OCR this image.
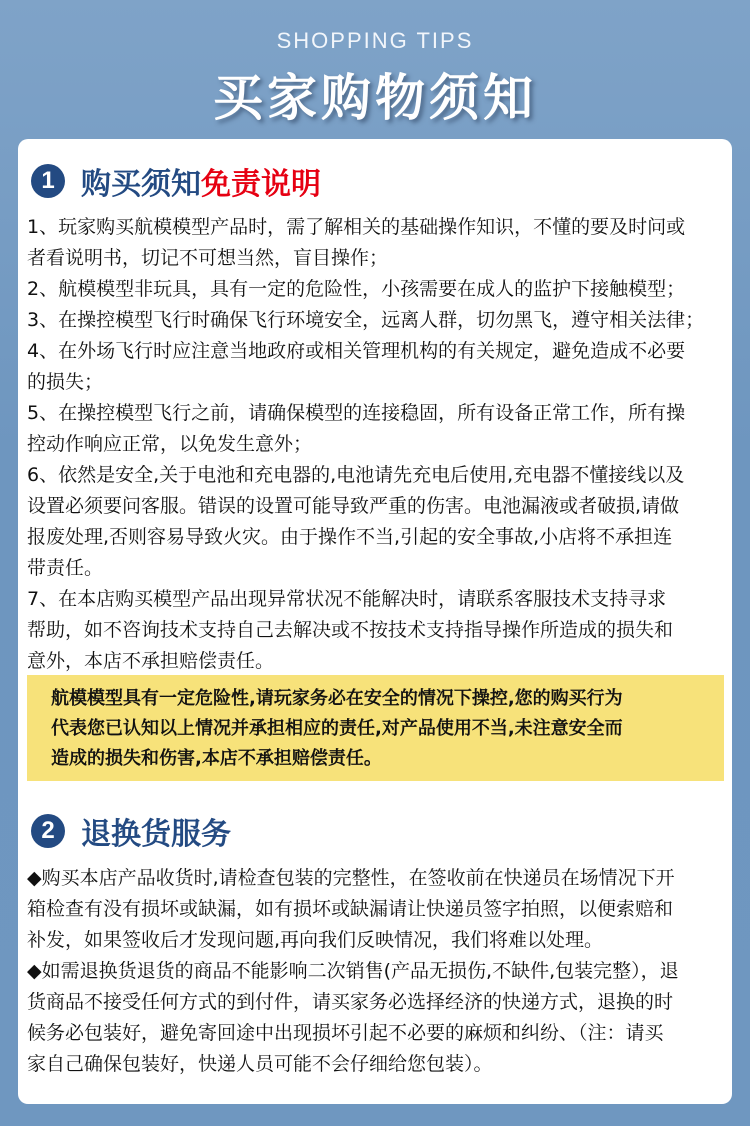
SHOPPING TIPS
买家购物须知
1 购买须知免责说明

1、玩家购买航模模型产品时，需了解相关的基础操作知识，不懂的要及时问或

者看说明书，切记不可想当然，盲目操作；

2、航模模型非玩具，具有一定的危险性，小孩需要在成人的监护下接触模型；

3、在操控模型飞行时确保飞行环境安全，远离人群，切勿黑飞，遵守相关法律；

4、在外场飞行时应注意当地政府或相关管理机构的有关规定，避免造成不必要

的损失；

5、在操控模型飞行之前，请确保模型的连接稳固，所有设备正常工作，所有操

控动作响应正常，以免发生意外；

6、依然是安全,关于电池和充电器的,电池请先充电后使用,充电器不懂接线以及

设置必须要问客服。错误的设置可能导致严重的伤害。电池漏液或者破损,请做

报废处理,否则容易导致火灾。由于操作不当,引起的安全事故,小店将不承担连

带责任。

7、在本店购买模型产品出现异常状况不能解决时，请联系客服技术支持寻求

帮助，如不咨询技术支持自己去解决或不按技术支持指导操作所造成的损失和

意外，本店不承担赔偿责任。

航模模型具有一定危险性,请玩家务必在安全的情况下操控,您的购买行为

代表您已认知以上情况并承担相应的责任,对产品使用不当,未注意安全而

造成的损失和伤害,本店不承担赔偿责任。

2 退换货服务

◆购买本店产品收货时,请检查包装的完整性，在签收前在快递员在场情况下开

箱检查有没有损坏或缺漏，如有损坏或缺漏请让快递员签字拍照，以便索赔和

补发，如果签收后才发现问题,再向我们反映情况，我们将难以处理。

◆如需退换货退货的商品不能影响二次销售(产品无损伤,不缺件,包装完整），退

货商品不接受任何方式的到付件，请买家务必选择经济的快递方式，退换的时

候务必包装好，避免寄回途中出现损坏引起不必要的麻烦和纠纷、（注：请买

家自己确保包装好，快递人员可能不会仔细给您包装）。
